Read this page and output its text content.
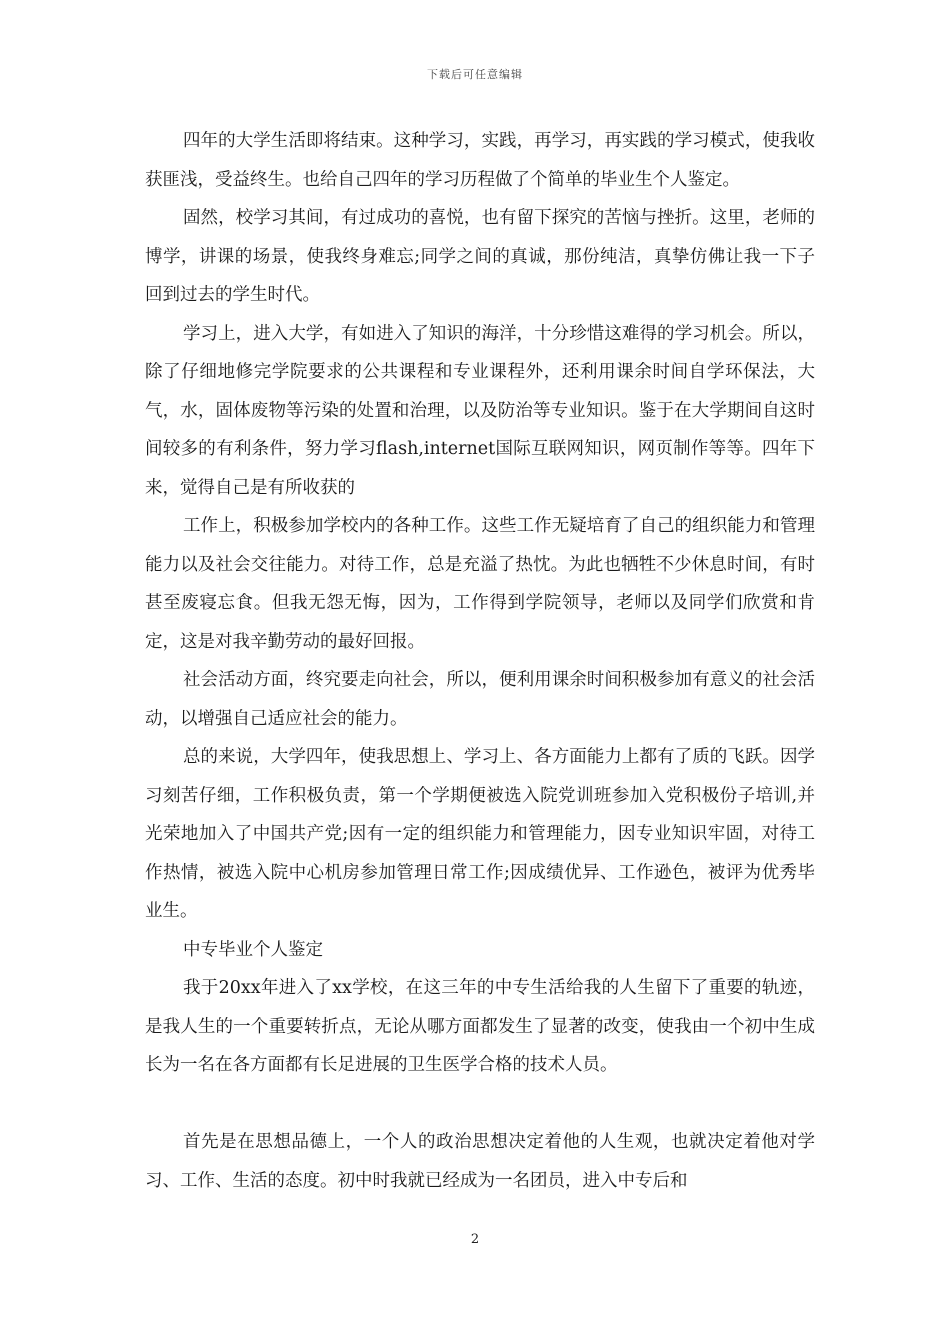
下载后可任意编辑

四年的大学生活即将结束。这种学习，实践，再学习，再实践的学习模式，使我收获匪浅，受益终生。也给自己四年的学习历程做了个简单的毕业生个人鉴定。

固然，校学习其间，有过成功的喜悦，也有留下探究的苦恼与挫折。这里，老师的博学，讲课的场景，使我终身难忘;同学之间的真诚，那份纯洁，真挚仿佛让我一下子回到过去的学生时代。

学习上，进入大学，有如进入了知识的海洋，十分珍惜这难得的学习机会。所以，除了仔细地修完学院要求的公共课程和专业课程外，还利用课余时间自学环保法，大气，水，固体废物等污染的处置和治理，以及防治等专业知识。鉴于在大学期间自这时间较多的有利条件，努力学习flash,internet国际互联网知识，网页制作等等。四年下来，觉得自己是有所收获的

工作上，积极参加学校内的各种工作。这些工作无疑培育了自己的组织能力和管理能力以及社会交往能力。对待工作，总是充溢了热忱。为此也牺牲不少休息时间，有时甚至废寝忘食。但我无怨无悔，因为，工作得到学院领导，老师以及同学们欣赏和肯定，这是对我辛勤劳动的最好回报。

社会活动方面，终究要走向社会，所以，便利用课余时间积极参加有意义的社会活动，以增强自己适应社会的能力。

总的来说，大学四年，使我思想上、学习上、各方面能力上都有了质的飞跃。因学习刻苦仔细，工作积极负责，第一个学期便被选入院党训班参加入党积极份子培训,并光荣地加入了中国共产党;因有一定的组织能力和管理能力，因专业知识牢固，对待工作热情，被选入院中心机房参加管理日常工作;因成绩优异、工作逊色，被评为优秀毕业生。

中专毕业个人鉴定

我于20xx年进入了xx学校，在这三年的中专生活给我的人生留下了重要的轨迹，是我人生的一个重要转折点，无论从哪方面都发生了显著的改变，使我由一个初中生成长为一名在各方面都有长足进展的卫生医学合格的技术人员。

首先是在思想品德上，一个人的政治思想决定着他的人生观，也就决定着他对学习、工作、生活的态度。初中时我就已经成为一名团员，进入中专后和

2
